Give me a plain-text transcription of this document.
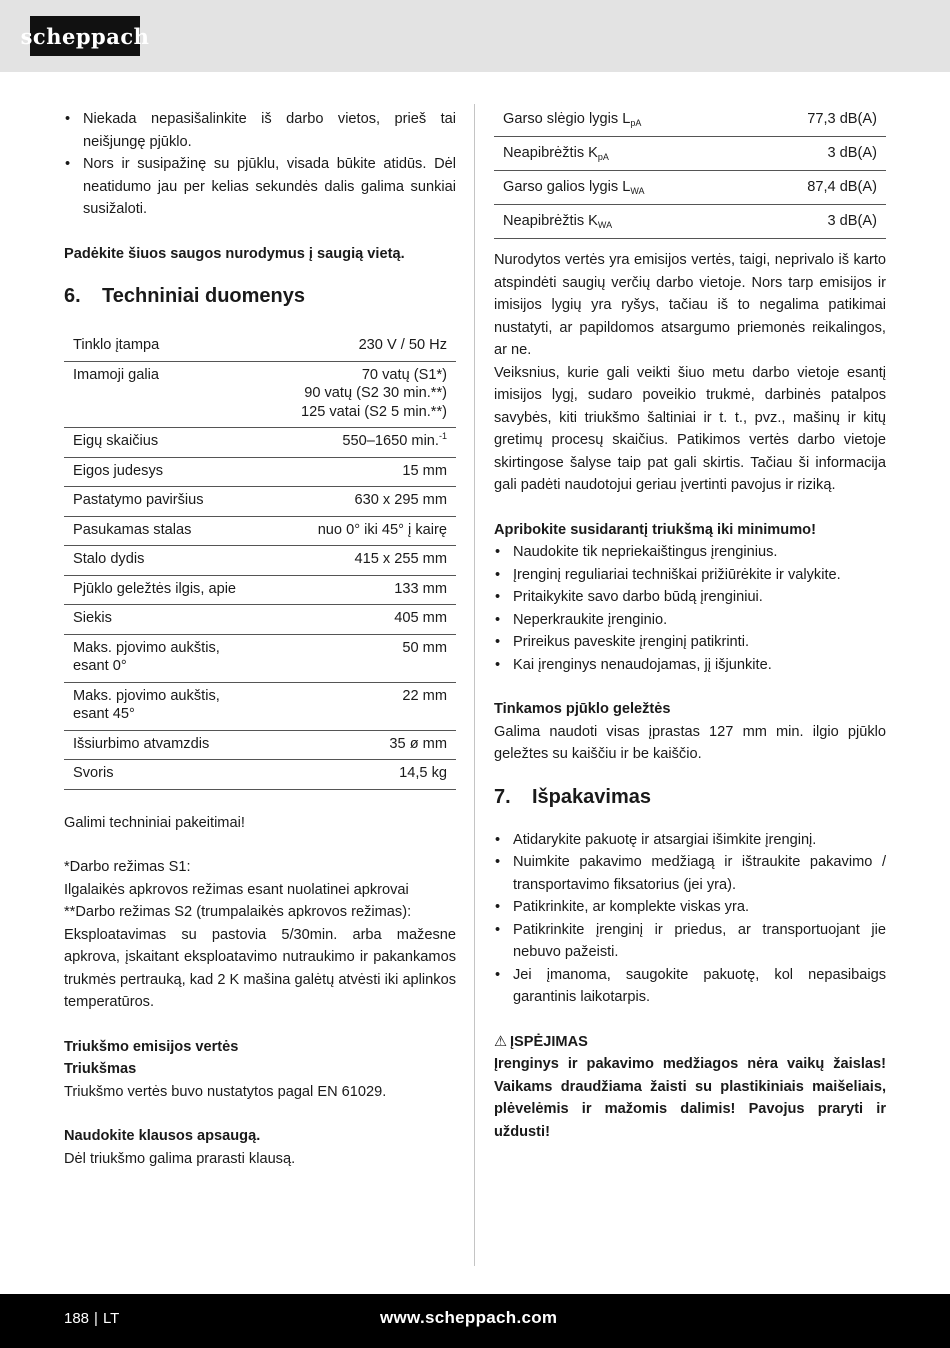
scheppach
• Niekada nepasišalinkite iš darbo vietos, prieš tai neišjungę pjūklo.
• Nors ir susipažinę su pjūklu, visada būkite atidūs. Dėl neatidumo jau per kelias sekundės dalis galima sunkiai susižaloti.

Padėkite šiuos saugos nurodymus į saugią vietą.

6.	Techniniai duomenys
Tinklo įtampa	230 V / 50 Hz

Imamoji galia	70 vatų (S1*)
90 vatų (S2 30 min.**)
125 vatai (S2 5 min.**)

Eigų skaičius	550–1650 min.$^{-1}$

Eigos judesys	15 mm

Pastatymo paviršius	630 x 295 mm

Pasukamas stalas	nuo 0° iki 45° į kairę

Stalo dydis	415 x 255 mm

Pjūklo geležtės ilgis, apie	133 mm

Siekis	405 mm

Maks. pjovimo aukštis, esant 0°	50 mm

Maks. pjovimo aukštis, esant 45°	22 mm

Išsiurbimo atvamzdis	35 ø mm

Svoris	14,5 kg

Galimi techniniai pakeitimai!

*Darbo režimas S1:

Ilgalaikės apkrovos režimas esant nuolatinei apkrovai

**Darbo režimas S2 (trumpalaikės apkrovos režimas):

Eksploatavimas su pastovia 5/30min. arba mažesne apkrova, įskaitant eksploatavimo nutraukimo ir pakankamos trukmės pertrauką, kad 2 K mašina galėtų atvėsti iki aplinkos temperatūros.

Triukšmo emisijos vertės

Triukšmas

Triukšmo vertės buvo nustatytos pagal EN 61029.

Naudokite klausos apsaugą.

Dėl triukšmo galima prarasti klausą.

Garso slėgio lygis $L_{pA}$	77,3 dB(A)
Neapibrėžtis $K_{pA}$	3 dB(A)
Garso galios lygis $L_{WA}$	87,4 dB(A)
Neapibrėžtis $K_{WA}$	3 dB(A)

Nurodytos vertės yra emisijos vertės, taigi, neprivalo iš karto atspindėti saugių verčių darbo vietoje. Nors tarp emisijos ir imisijos lygių yra ryšys, tačiau iš to negalima patikimai nustatyti, ar papildomos atsargumo priemonės reikalingos, ar ne.

Veiksnius, kurie gali veikti šiuo metu darbo vietoje esantį imisijos lygį, sudaro poveikio trukmė, darbinės patalpos savybės, kiti triukšmo šaltiniai ir t. t., pvz., mašinų ir kitų gretimų procesų skaičius. Patikimos vertės darbo vietoje skirtingose šalyse taip pat gali skirtis. Tačiau ši informacija gali padėti naudotojui geriau įvertinti pavojus ir riziką.

Apribokite susidarantį triukšmą iki minimumo!

• Naudokite tik nepriekaištingus įrenginius.
• Įrenginį reguliariai techniškai prižiūrėkite ir valykite.
• Pritaikykite savo darbo būdą įrenginiui.
• Neperkraukite įrenginio.
• Prireikus paveskite įrenginį patikrinti.
• Kai įrenginys nenaudojamas, jį išjunkite.

Tinkamos pjūklo geležtės

Galima naudoti visas įprastas 127 mm min. ilgio pjūklo geležtes su kaiščiu ir be kaiščio.

7.	Išpakavimas
• Atidarykite pakuotę ir atsargiai išimkite įrenginį.
• Nuimkite pakavimo medžiagą ir ištraukite pakavimo / transportavimo fiksatorius (jei yra).
• Patikrinkite, ar komplekte viskas yra.
• Patikrinkite įrenginį ir priedus, ar transportuojant jie nebuvo pažeisti.
• Jei įmanoma, saugokite pakuotę, kol nepasibaigs garantinis laikotarpis.

⚠ ĮSPĖJIMAS

Įrenginys ir pakavimo medžiagos nėra vaikų žaislas! Vaikams draudžiama žaisti su plastikiniais maišeliais, plėvelėmis ir mažomis dalimis! Pavojus praryti ir uždusti!

188 | LT	www.scheppach.com
